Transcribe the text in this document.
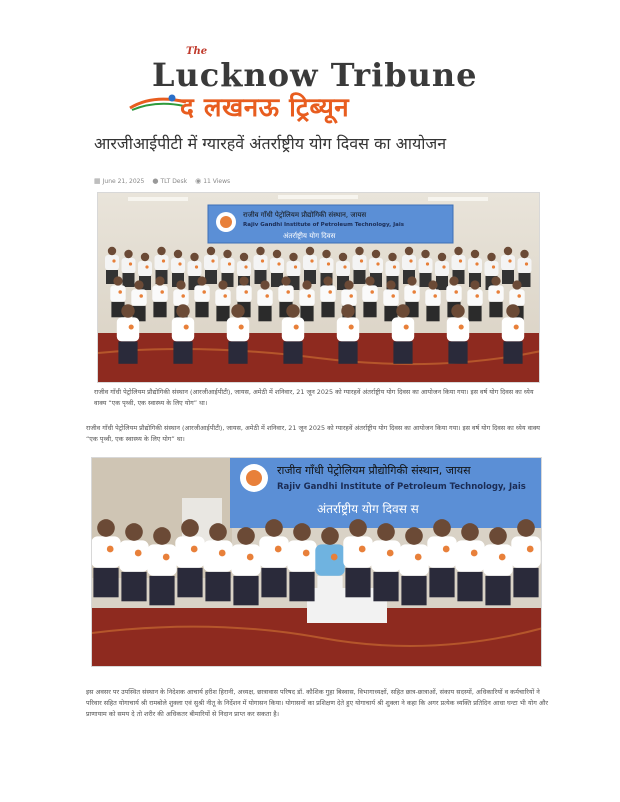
The
Lucknow Tribune
द लखनऊ ट्रिब्यून
आरजीआईपीटी में ग्यारहवें अंतर्राष्ट्रीय योग दिवस का आयोजन
▦ June 21, 2025 ● TLT Desk ◉ 11 Views
राजीव गाँधी पेट्रोलियम प्रौद्योगिकी संस्थान, जायस
Rajiv Gandhi Institute of Petroleum Technology, Jais
अंतर्राष्ट्रीय योग दिवस
राजीव गाँधी पेट्रोलियम प्रौद्योगिकी संस्थान (आरजीआईपीटी), जायस, अमेठी में शनिवार, 21 जून 2025 को ग्यारहवें अंतर्राष्ट्रीय योग दिवस का आयोजन किया गया। इस वर्ष योग दिवस का ध्येय वाक्य “एक पृथ्वी, एक स्वास्थ्य के लिए योग” था।
राजीव गाँधी पेट्रोलियम प्रौद्योगिकी संस्थान (आरजीआईपीटी), जायस, अमेठी में शनिवार, 21 जून 2025 को ग्यारहवें अंतर्राष्ट्रीय योग दिवस का आयोजन किया गया। इस वर्ष योग दिवस का ध्येय वाक्य “एक पृथ्वी, एक स्वास्थ्य के लिए योग” था।
राजीव गाँधी पेट्रोलियम प्रौद्योगिकी संस्थान, जायस
Rajiv Gandhi Institute of Petroleum Technology, Jais
अंतर्राष्ट्रीय योग दिवस स
इस अवसर पर उपस्थित संस्थान के निदेशक आचार्य हरीश हिरानी, अध्यक्ष, छात्रावास परिषद डॉ. कौशिक गुहा बिस्वास, विभागाध्यक्षों, सहित छात्र-छात्राओं, संकाय सदस्यों, अधिकारियों व कर्मचारियों ने परिवार सहित योगाचार्य श्री रामबोले शुक्ला एवं सुश्री नीतू के निर्देशन में योगासन किया। योगासनों का प्रशिक्षण देते हुए योगाचार्य श्री शुक्ला ने कहा कि अगर प्रत्येक व्यक्ति प्रतिदिन आधा घन्टा भी योग और प्राणायाम को समय दे तो शरीर की अधिकतर बीमारियों से निदान प्राप्त कर सकता है।
